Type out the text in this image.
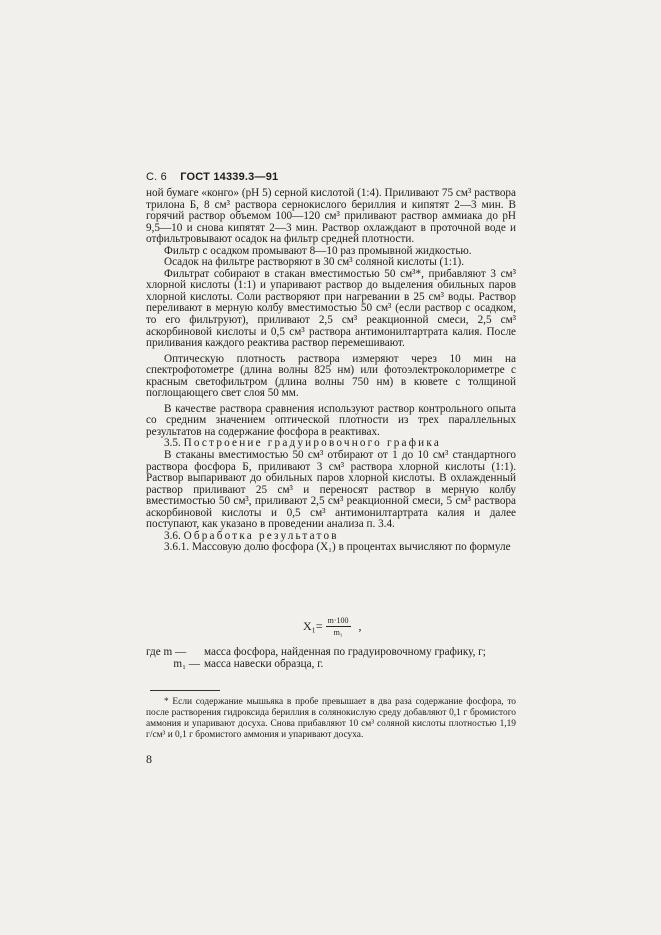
С. 6 ГОСТ 14339.3—91

ной бумаге «конго» (рН 5) серной кислотой (1:4). Приливают 75 см³ раствора трилона Б, 8 см³ раствора сернокислого бериллия и кипятят 2—3 мин. В горячий раствор объемом 100—120 см³ приливают раствор аммиака до рН 9,5—10 и снова кипятят 2—3 мин. Раствор охлаждают в проточной воде и отфильтровывают осадок на фильтр средней плотности.

Фильтр с осадком промывают 8—10 раз промывной жидкостью.

Осадок на фильтре растворяют в 30 см³ соляной кислоты (1:1).

Фильтрат собирают в стакан вместимостью 50 см³*, прибавляют 3 см³ хлорной кислоты (1:1) и упаривают раствор до выделения обильных паров хлорной кислоты. Соли растворяют при нагревании в 25 см³ воды. Раствор переливают в мерную колбу вместимостью 50 см³ (если раствор с осадком, то его фильтруют), приливают 2,5 см³ реакционной смеси, 2,5 см³ аскорбиновой кислоты и 0,5 см³ раствора антимонилтартрата калия. После приливания каждого реактива раствор перемешивают.

Оптическую плотность раствора измеряют через 10 мин на спектрофотометре (длина волны 825 нм) или фотоэлектроколориметре с красным светофильтром (длина волны 750 нм) в кювете с толщиной поглощающего свет слоя 50 мм.

В качестве раствора сравнения используют раствор контрольного опыта со средним значением оптической плотности из трех параллельных результатов на содержание фосфора в реактивах.

3.5. Построение градуировочного графика

В стаканы вместимостью 50 см³ отбирают от 1 до 10 см³ стандартного раствора фосфора Б, приливают 3 см³ раствора хлорной кислоты (1:1). Раствор выпаривают до обильных паров хлорной кислоты. В охлажденный раствор приливают 25 см³ и переносят раствор в мерную колбу вместимостью 50 см³, приливают 2,5 см³ реакционной смеси, 5 см³ раствора аскорбиновой кислоты и 0,5 см³ антимонилтартрата калия и далее поступают, как указано в проведении анализа п. 3.4.

3.6. Обработка результатов

3.6.1. Массовую долю фосфора (X₁) в процентах вычисляют по формуле

$X_1= \frac{m\cdot 100}{\text{m₁}}$ ,
где m —	масса фосфора, найденная по градуировочному графику, г;
m₁ — масса навески образца, г.

* Если содержание мышьяка в пробе превышает в два раза содержание фосфора, то после растворения гидроксида бериллия в солянокислую среду добавляют 0,1 г бромистого аммония и упаривают досуха. Снова прибавляют 10 см³ соляной кислоты плотностью 1,19 г/см³ и 0,1 г бромистого аммония и упаривают досуха.

8
